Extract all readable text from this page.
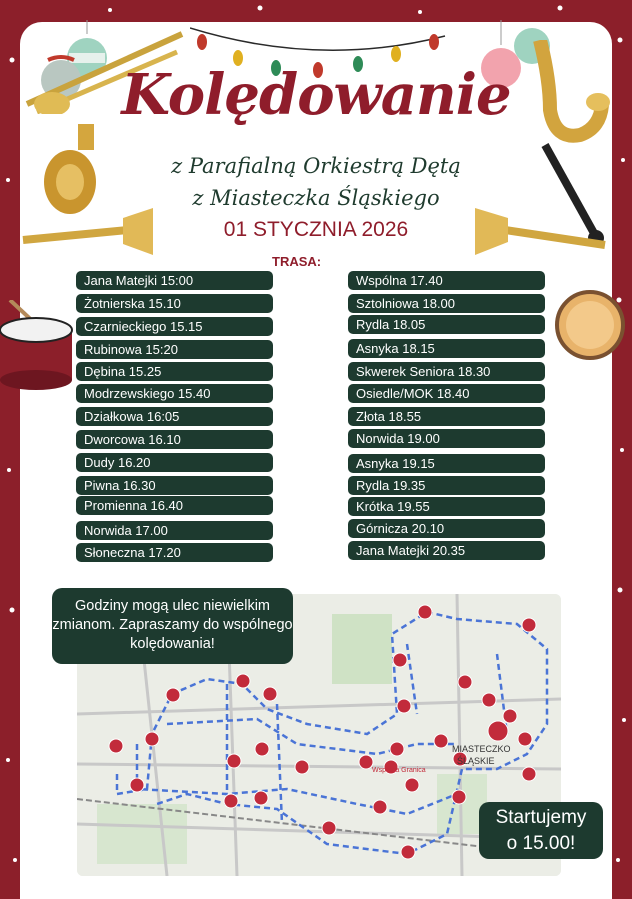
Kolędowanie
z Parafialną Orkiestrą Dętą
z Miasteczka Śląskiego
01 STYCZNIA 2026
TRASA:
Jana Matejki 15:00
Żotnierska 15.10
Czarnieckiego 15.15
Rubinowa 15:20
Dębina 15.25
Modrzewskiego 15.40
Działkowa 16:05
Dworcowa 16.10
Dudy 16.20
Piwna 16.30
Promienna 16.40
Norwida 17.00
Słoneczna 17.20
Wspólna 17.40
Sztolniowa 18.00
Rydla 18.05
Asnyka 18.15
Skwerek Seniora 18.30
Osiedle/MOK 18.40
Złota 18.55
Norwida 19.00
Asnyka 19.15
Rydla 19.35
Krótka 19.55
Górnicza 20.10
Jana Matejki 20.35
MIASTECZKO
ŚLĄSKIE
Wspólna Granica
Godziny mogą ulec niewielkim zmianom. Zapraszamy do wspólnego kolędowania!
Startujemy
o 15.00!
